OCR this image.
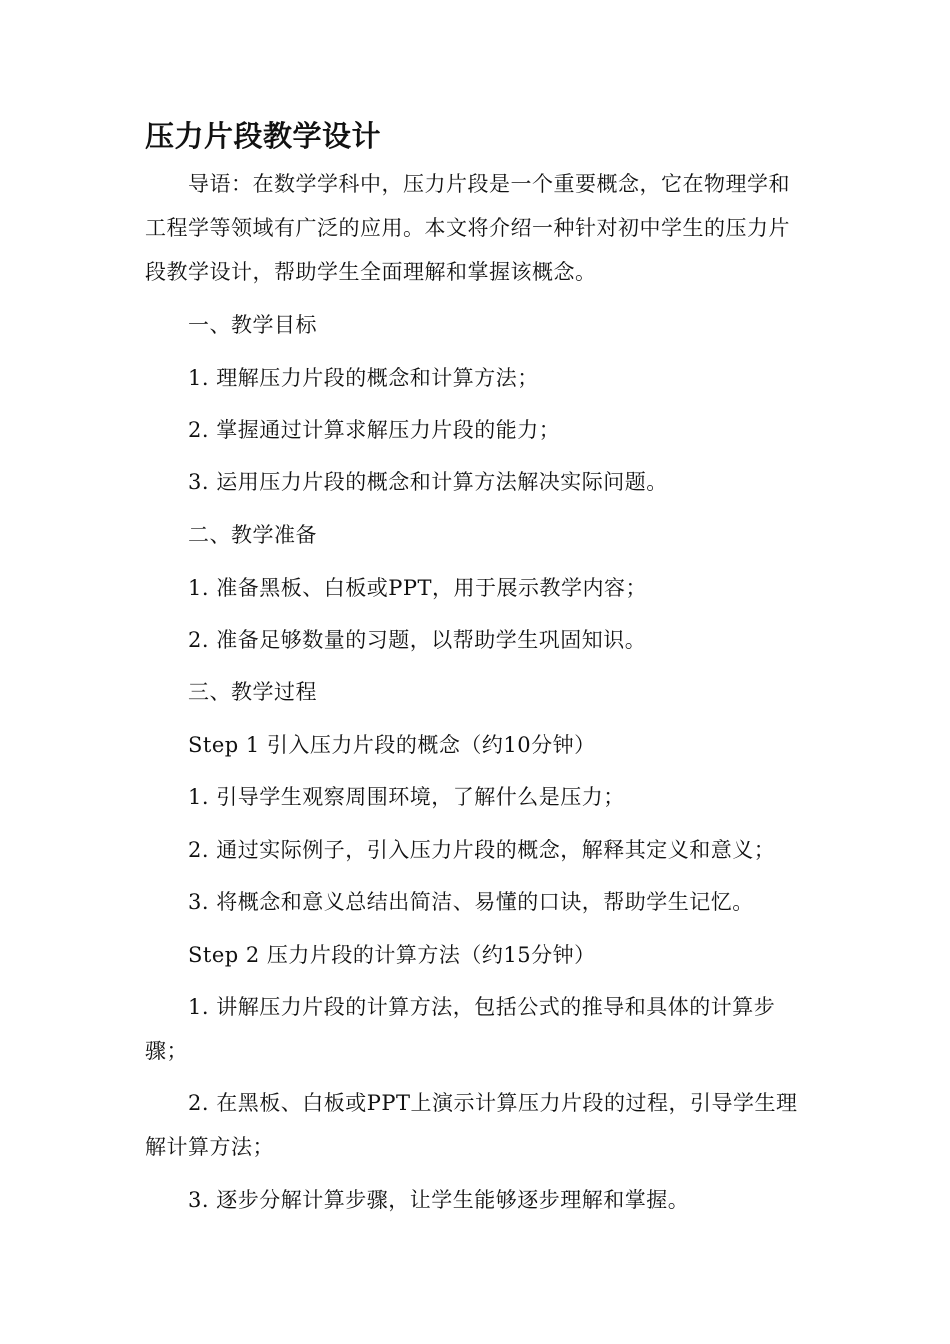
压力片段教学设计

导语：在数学学科中，压力片段是一个重要概念，它在物理学和工程学等领域有广泛的应用。本文将介绍一种针对初中学生的压力片段教学设计，帮助学生全面理解和掌握该概念。

一、教学目标

1. 理解压力片段的概念和计算方法；

2. 掌握通过计算求解压力片段的能力；

3. 运用压力片段的概念和计算方法解决实际问题。

二、教学准备

1. 准备黑板、白板或PPT，用于展示教学内容；

2. 准备足够数量的习题，以帮助学生巩固知识。

三、教学过程

Step 1 引入压力片段的概念（约10分钟）

1. 引导学生观察周围环境，了解什么是压力；

2. 通过实际例子，引入压力片段的概念，解释其定义和意义；

3. 将概念和意义总结出简洁、易懂的口诀，帮助学生记忆。

Step 2 压力片段的计算方法（约15分钟）

1. 讲解压力片段的计算方法，包括公式的推导和具体的计算步骤；

2. 在黑板、白板或PPT上演示计算压力片段的过程，引导学生理解计算方法；

3. 逐步分解计算步骤，让学生能够逐步理解和掌握。
